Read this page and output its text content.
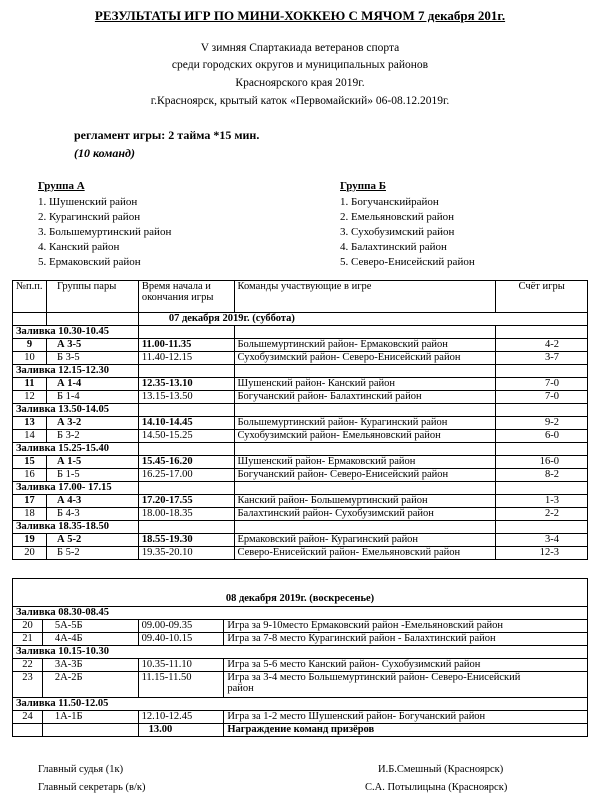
РЕЗУЛЬТАТЫ ИГР ПО МИНИ-ХОККЕЮ С МЯЧОМ 7 декабря 201г.
V зимняя Спартакиада ветеранов спорта
среди городских округов и муниципальных районов
Красноярского края 2019г.
г.Красноярск, крытый каток «Первомайский» 06-08.12.2019г.
регламент игры: 2 тайма *15 мин.
(10 команд)
Группа А
1. Шушенский район
2. Курагинский район
3. Большемуртинский район
4. Канский район
5. Ермаковский район
Группа Б
1. Богучанскийрайон
2. Емельяновский район
3. Сухобузимский район
4. Балахтинский район
5. Северо-Енисейский район
№п.п.	Группы пары	Время начала и окончания игры	Команды участвующие в игре	Счёт игры
		07 декабря 2019г. (суббота)		
Заливка 10.30-10.45				
9	А 3-5	11.00-11.35	Большемуртинский район- Ермаковский район	4-2
10	Б 3-5	11.40-12.15	Сухобузимский район- Северо-Енисейский район	3-7
Заливка 12.15-12.30				
11	А 1-4	12.35-13.10	Шушенский район- Канский район	7-0
12	Б 1-4	13.15-13.50	Богучанский район- Балахтинский район	7-0
Заливка 13.50-14.05				
13	А 3-2	14.10-14.45	Большемуртинский район- Курагинский район	9-2
14	Б 3-2	14.50-15.25	Сухобузимский район- Емельяновский район	6-0
Заливка 15.25-15.40				
15	А 1-5	15.45-16.20	Шушенский район- Ермаковский район	16-0
16	Б 1-5	16.25-17.00	Богучанский район- Северо-Енисейский район	8-2
Заливка 17.00- 17.15				
17	А 4-3	17.20-17.55	Канский район- Большемуртинский район	1-3
18	Б 4-3	18.00-18.35	Балахтинский район- Сухобузимский район	2-2
Заливка 18.35-18.50				
19	А 5-2	18.55-19.30	Ермаковский район- Курагинский район	3-4
20	Б 5-2	19.35-20.10	Северо-Енисейский район- Емельяновский район	12-3

08 декабря 2019г. (воскресенье)			
Заливка 08.30-08.45			
20	5А-5Б	09.00-09.35	Игра за 9-10место Ермаковский район -Емельяновский район

21	4А-4Б	09.40-10.15	Игра за 7-8 место Курагинский район - Балахтинский район

Заливка 10.15-10.30			
22	3А-3Б	10.35-11.10	Игра за 5-6 место Канский район- Сухобузимский район

23	2А-2Б	11.15-11.50	Игра за 3-4 место Большемуртинский район- Северо-Енисейский
район

Заливка 11.50-12.05			
24	1А-1Б	12.10-12.45	Игра за 1-2 место Шушенский район- Богучанский район

		13.00	Награждение команд призёров
Главный судья (1к)	И.Б.Смешный (Красноярск)
Главный секретарь (в/к)	С.А. Потылицына (Красноярск)
